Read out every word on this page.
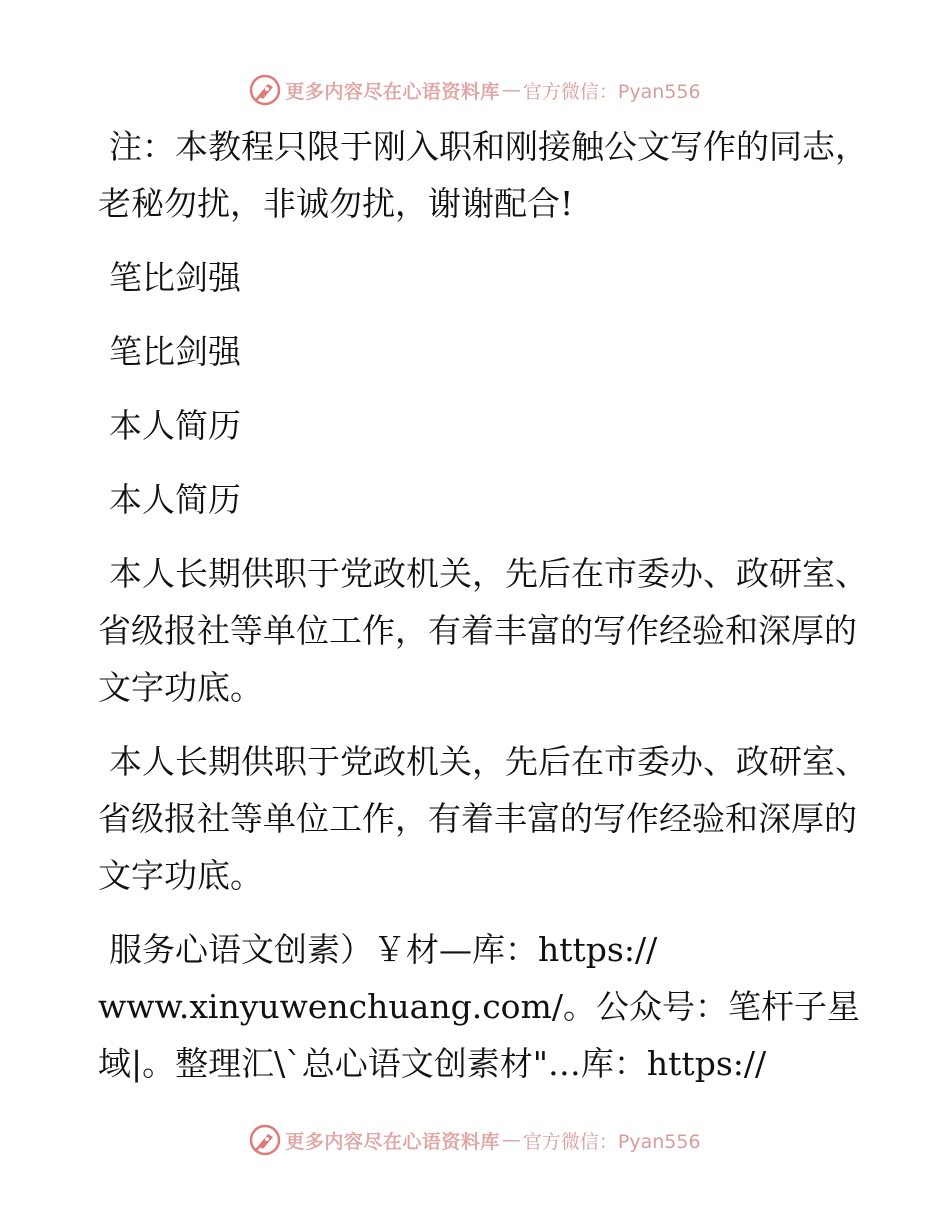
更多内容尽在心语资料库 — 官方微信：Pyan556

注：本教程只限于刚入职和刚接触公文写作的同志，老秘勿扰，非诚勿扰，谢谢配合!

笔比剑强

笔比剑强

本人简历

本人简历

本人长期供职于党政机关，先后在市委办、政研室、省级报社等单位工作，有着丰富的写作经验和深厚的文字功底。

本人长期供职于党政机关，先后在市委办、政研室、省级报社等单位工作，有着丰富的写作经验和深厚的文字功底。

服务心语文创素）￥材—库：https://
www.xinyuwenchuang.com/。公众号：笔杆子星
域|。整理汇\`总心语文创素材"…库：https://

更多内容尽在心语资料库 — 官方微信：Pyan556
